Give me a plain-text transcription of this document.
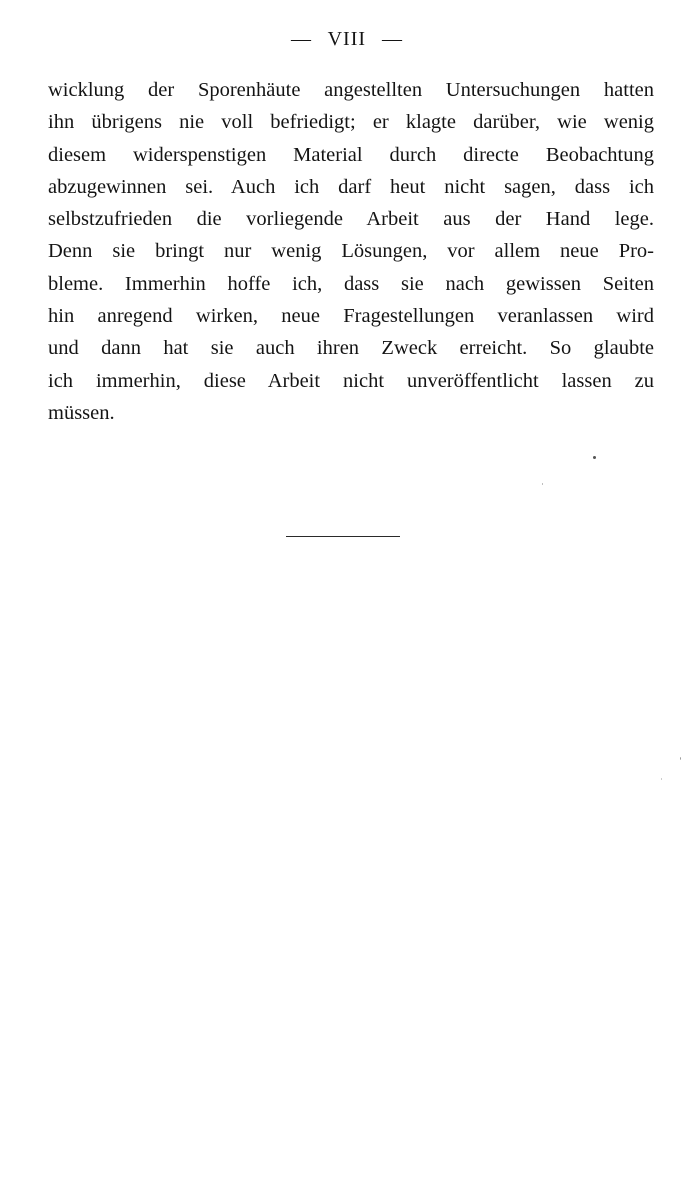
— VIII —
wicklung der Sporenhäute angestellten Untersuchungen hatten
ihn übrigens nie voll befriedigt; er klagte darüber, wie wenig
diesem widerspenstigen Material durch directe Beobachtung
abzugewinnen sei. Auch ich darf heut nicht sagen, dass ich
selbstzufrieden die vorliegende Arbeit aus der Hand lege.
Denn sie bringt nur wenig Lösungen, vor allem neue Pro-
bleme. Immerhin hoffe ich, dass sie nach gewissen Seiten
hin anregend wirken, neue Fragestellungen veranlassen wird
und dann hat sie auch ihren Zweck erreicht. So glaubte
ich immerhin, diese Arbeit nicht unveröffentlicht lassen zu
müssen.
